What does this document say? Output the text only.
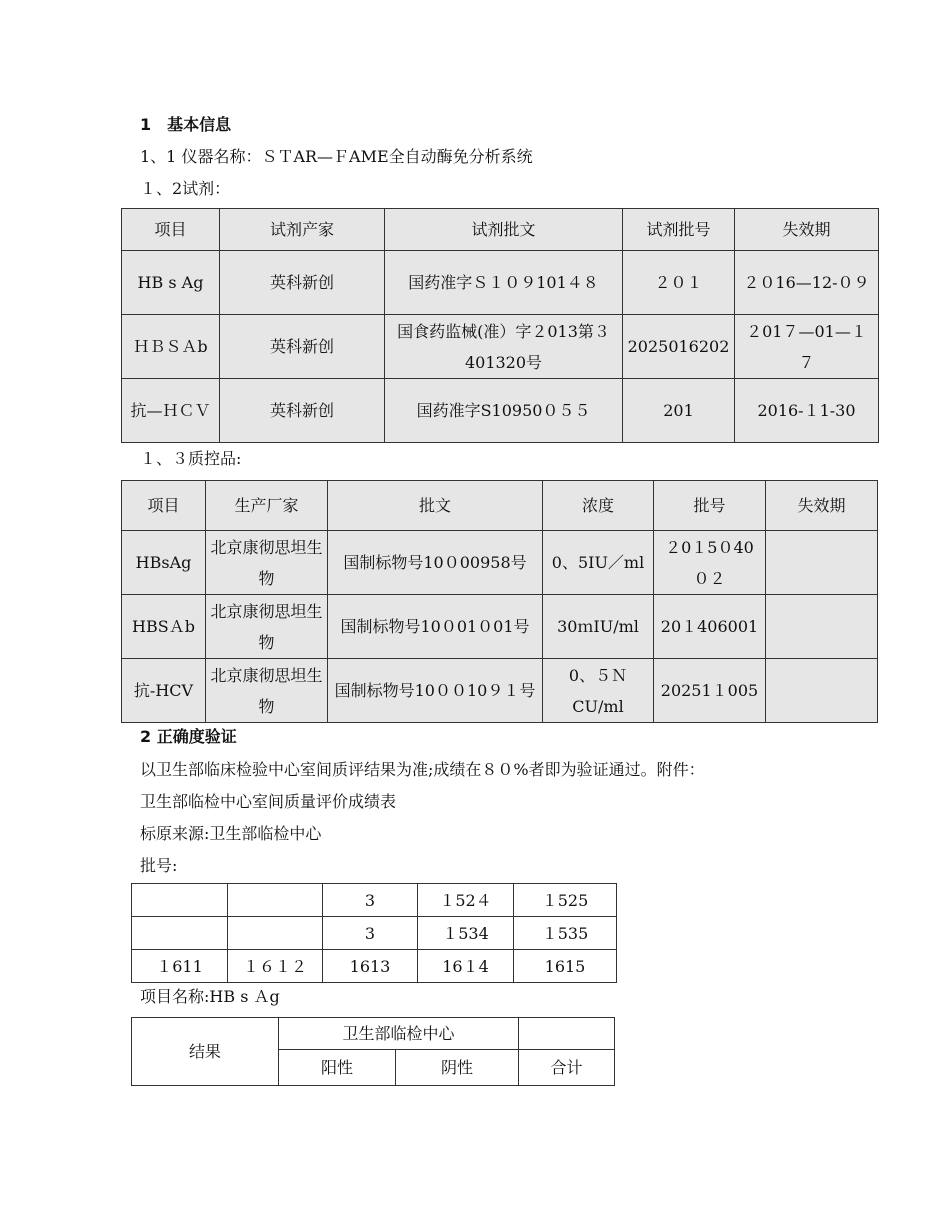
1　基本信息
1、1 仪器名称：ＳＴAR—ＦAME全自动酶免分析系统
１、2试剂：
项目	试剂产家	试剂批文	试剂批号	失效期
HB s Ag	英科新创	国药准字Ｓ１０９101４８	２０１	２０16—12-０９
ＨＢＳＡb	英科新创	国食药监械(准）字２013第３401320号	2025016202	２01７—01—１７
抗—ＨＣＶ	英科新创	国药准字S10950０５５	201	2016-１1-30
１、３质控品:
项目	生产厂家	批文	浓度	批号	失效期
HBsAg	北京康彻思坦生物	国制标物号10０00958号	0、5IU／ml	２0１5０40０２	
HBSＡb	北京康彻思坦生物	国制标物号10０01０01号	30ｍIU/ml	20１406001	
抗-HCV	北京康彻思坦生物	国制标物号10００10９１号	0、５ＮCU/ml	20251１005	
2 正确度验证
以卫生部临床检验中心室间质评结果为准;成绩在８０%者即为验证通过。附件：
卫生部临检中心室间质量评价成绩表
标原来源:卫生部临检中心
批号:
		3	１52４	１525
		3	１534	１535
１611	１６１２	1613	16１4	1615
项目名称:HB s Ａg
结果	卫生部临检中心		
	阳性	阴性	合计
